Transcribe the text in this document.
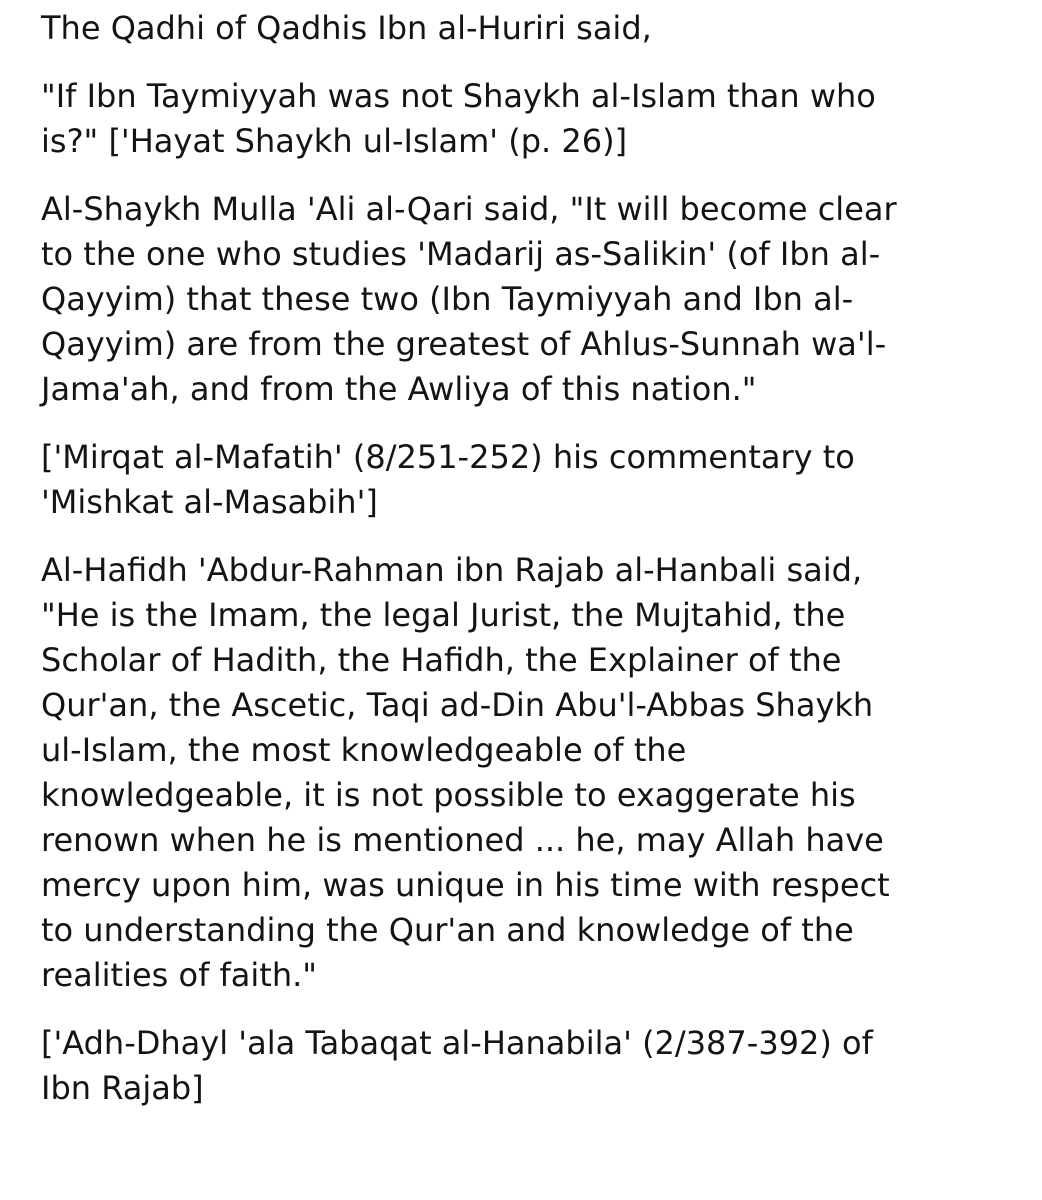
The Qadhi of Qadhis Ibn al-Huriri said,
"If Ibn Taymiyyah was not Shaykh al-Islam than who
is?" ['Hayat Shaykh ul-Islam' (p. 26)]
Al-Shaykh Mulla 'Ali al-Qari said, "It will become clear
to the one who studies 'Madarij as-Salikin' (of Ibn al-
Qayyim) that these two (Ibn Taymiyyah and Ibn al-
Qayyim) are from the greatest of Ahlus-Sunnah wa'l-
Jama'ah, and from the Awliya of this nation."
['Mirqat al-Mafatih' (8/251-252) his commentary to
'Mishkat al-Masabih']
Al-Hafidh 'Abdur-Rahman ibn Rajab al-Hanbali said,
"He is the Imam, the legal Jurist, the Mujtahid, the
Scholar of Hadith, the Hafidh, the Explainer of the
Qur'an, the Ascetic, Taqi ad-Din Abu'l-Abbas Shaykh
ul-Islam, the most knowledgeable of the
knowledgeable, it is not possible to exaggerate his
renown when he is mentioned ... he, may Allah have
mercy upon him, was unique in his time with respect
to understanding the Qur'an and knowledge of the
realities of faith."
['Adh-Dhayl 'ala Tabaqat al-Hanabila' (2/387-392) of
Ibn Rajab]
